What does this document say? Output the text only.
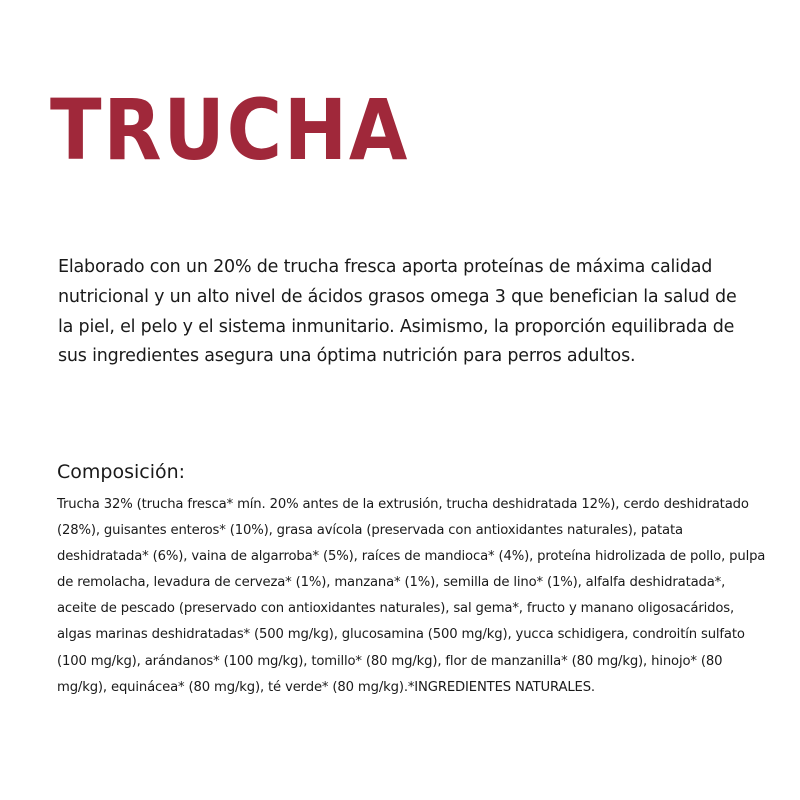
TRUCHA

Elaborado con un 20% de trucha fresca aporta proteínas de máxima calidad nutricional y un alto nivel de ácidos grasos omega 3 que benefician la salud de la piel, el pelo y el sistema inmunitario. Asimismo, la proporción equilibrada de sus ingredientes asegura una óptima nutrición para perros adultos.

Composición:

Trucha 32% (trucha fresca* mín. 20% antes de la extrusión, trucha deshidratada 12%), cerdo deshidratado (28%), guisantes enteros* (10%), grasa avícola (preservada con antioxidantes naturales), patata deshidratada* (6%), vaina de algarroba* (5%), raíces de mandioca* (4%), proteína hidrolizada de pollo, pulpa de remolacha, levadura de cerveza* (1%), manzana* (1%), semilla de lino* (1%), alfalfa deshidratada*, aceite de pescado (preservado con antioxidantes naturales), sal gema*, fructo y manano oligosacáridos, algas marinas deshidratadas* (500 mg/kg), glucosamina (500 mg/kg), yucca schidigera, condroitín sulfato (100 mg/kg), arándanos* (100 mg/kg), tomillo* (80 mg/kg), flor de manzanilla* (80 mg/kg), hinojo* (80 mg/kg), equinácea* (80 mg/kg), té verde* (80 mg/kg).*INGREDIENTES NATURALES.
